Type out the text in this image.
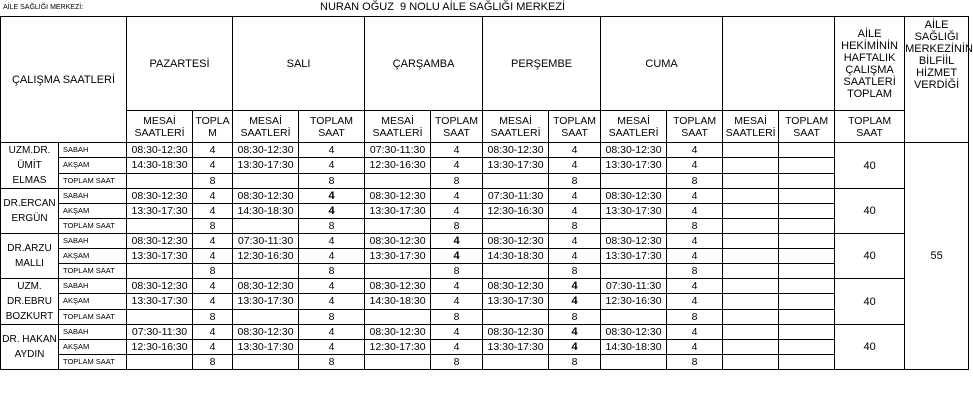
AİLE SAĞLIĞI MERKEZİ:	NURAN OĞUZ  9 NOLU AİLE SAĞLIĞI MERKEZİ
ÇALIŞMA SAATLERİ		PAZARTESİ		SALI		ÇARŞAMBA		PERŞEMBE		CUMA				AİLE HEKİMİNİN HAFTALIK ÇALIŞMA SAATLERİ TOPLAM	AİLE SAĞLIĞI MERKEZİNİN BİLFİİL HİZMET VERDİĞİ
		MESAİ SAATLERİ	TOPLAM	MESAİ SAATLERİ	TOPLAM SAAT	MESAİ SAATLERİ	TOPLAM SAAT	MESAİ SAATLERİ	TOPLAM SAAT	MESAİ SAATLERİ	TOPLAM SAAT	MESAİ SAATLERİ	TOPLAM SAAT	TOPLAM SAAT	
UZM.DR. ÜMİT ELMAS	SABAH	08:30-12:30	4	08:30-12:30	4	07:30-11:30	4	08:30-12:30	4	08:30-12:30	4			40	55
	AKŞAM	14:30-18:30	4	13:30-17:30	4	12:30-16:30	4	13:30-17:30	4	13:30-17:30	4				
	TOPLAM SAAT		8		8		8		8		8				
DR.ERCAN ERGÜN	SABAH	08:30-12:30	4	08:30-12:30	4	08:30-12:30	4	07:30-11:30	4	08:30-12:30	4			40	
	AKŞAM	13:30-17:30	4	14:30-18:30	4	13:30-17:30	4	12:30-16:30	4	13:30-17:30	4				
	TOPLAM SAAT		8		8		8		8		8				
DR.ARZU MALLI	SABAH	08:30-12:30	4	07:30-11:30	4	08:30-12:30	4	08:30-12:30	4	08:30-12:30	4			40	
	AKŞAM	13:30-17:30	4	12:30-16:30	4	13:30-17:30	4	14:30-18:30	4	13:30-17:30	4				
	TOPLAM SAAT		8		8		8		8		8				
UZM. DR.EBRU BOZKURT	SABAH	08:30-12:30	4	08:30-12:30	4	08:30-12:30	4	08:30-12:30	4	07:30-11:30	4			40	
	AKŞAM	13:30-17:30	4	13:30-17:30	4	14:30-18:30	4	13:30-17:30	4	12:30-16:30	4				
	TOPLAM SAAT		8		8		8		8		8				
DR. HAKAN AYDIN	SABAH	07:30-11:30	4	08:30-12:30	4	08:30-12:30	4	08:30-12:30	4	08:30-12:30	4			40	
	AKŞAM	12:30-16:30	4	13:30-17:30	4	12:30-17:30	4	13:30-17:30	4	14:30-18:30	4				
	TOPLAM SAAT		8		8		8		8		8				
